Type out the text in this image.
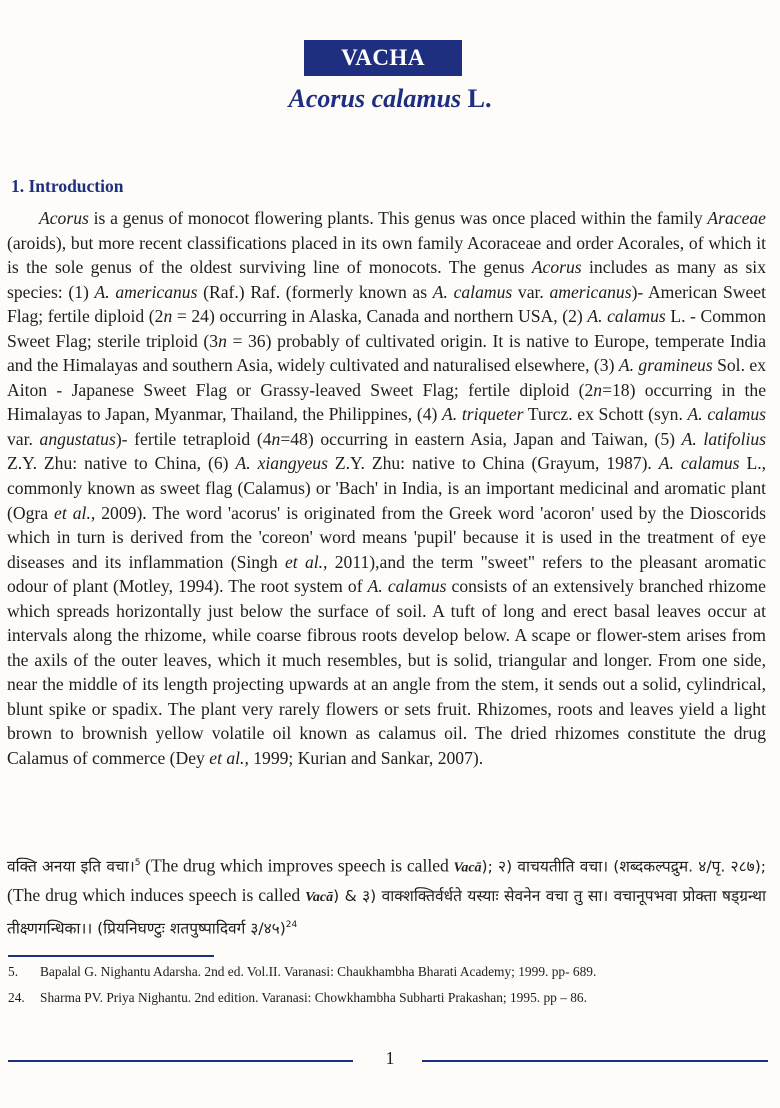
VACHA
Acorus calamus L.
1. Introduction

Acorus is a genus of monocot flowering plants. This genus was once placed within the family Araceae (aroids), but more recent classifications placed in its own family Acoraceae and order Acorales, of which it is the sole genus of the oldest surviving line of monocots. The genus Acorus includes as many as six species: (1) A. americanus (Raf.) Raf. (formerly known as A. calamus var. americanus)- American Sweet Flag; fertile diploid (2n = 24) occurring in Alaska, Canada and northern USA, (2) A. calamus L. - Common Sweet Flag; sterile triploid (3n = 36) probably of cultivated origin. It is native to Europe, temperate India and the Himalayas and southern Asia, widely cultivated and naturalised elsewhere, (3) A. gramineus Sol. ex Aiton - Japanese Sweet Flag or Grassy-leaved Sweet Flag; fertile diploid (2n=18) occurring in the Himalayas to Japan, Myanmar, Thailand, the Philippines, (4) A. triqueter Turcz. ex Schott (syn. A. calamus var. angustatus)- fertile tetraploid (4n=48) occurring in eastern Asia, Japan and Taiwan, (5) A. latifolius Z.Y. Zhu: native to China, (6) A. xiangyeus Z.Y. Zhu: native to China (Grayum, 1987). A. calamus L., commonly known as sweet flag (Calamus) or 'Bach' in India, is an important medicinal and aromatic plant (Ogra et al., 2009). The word 'acorus' is originated from the Greek word 'acoron' used by the Dioscorids which in turn is derived from the 'coreon' word means 'pupil' because it is used in the treatment of eye diseases and its inflammation (Singh et al., 2011),and the term "sweet" refers to the pleasant aromatic odour of plant (Motley, 1994). The root system of A. calamus consists of an extensively branched rhizome which spreads horizontally just below the surface of soil. A tuft of long and erect basal leaves occur at intervals along the rhizome, while coarse fibrous roots develop below. A scape or flower-stem arises from the axils of the outer leaves, which it much resembles, but is solid, triangular and longer. From one side, near the middle of its length projecting upwards at an angle from the stem, it sends out a solid, cylindrical, blunt spike or spadix. The plant very rarely flowers or sets fruit. Rhizomes, roots and leaves yield a light brown to brownish yellow volatile oil known as calamus oil. The dried rhizomes constitute the drug Calamus of commerce (Dey et al., 1999; Kurian and Sankar, 2007).

वक्ति अनया इति वचा।$^5$ (The drug which improves speech is called Vacā); २) वाचयतीति वचा। (शब्दकल्पद्रुम. ४/पृ. २८७); (The drug which induces speech is called Vacā) & ३) वाक्शक्तिर्वर्धते यस्याः सेवनेन वचा तु सा। वचानूपभवा प्रोक्ता षड्ग्रन्था तीक्ष्णगन्धिका।। (प्रियनिघण्टुः शतपुष्पादिवर्ग ३/४५)$^{24}$

5. Bapalal G. Nighantu Adarsha. 2nd ed. Vol.II. Varanasi: Chaukhambha Bharati Academy; 1999. pp- 689.
24. Sharma PV. Priya Nighantu. 2nd edition. Varanasi: Chowkhambha Subharti Prakashan; 1995. pp – 86.
1
